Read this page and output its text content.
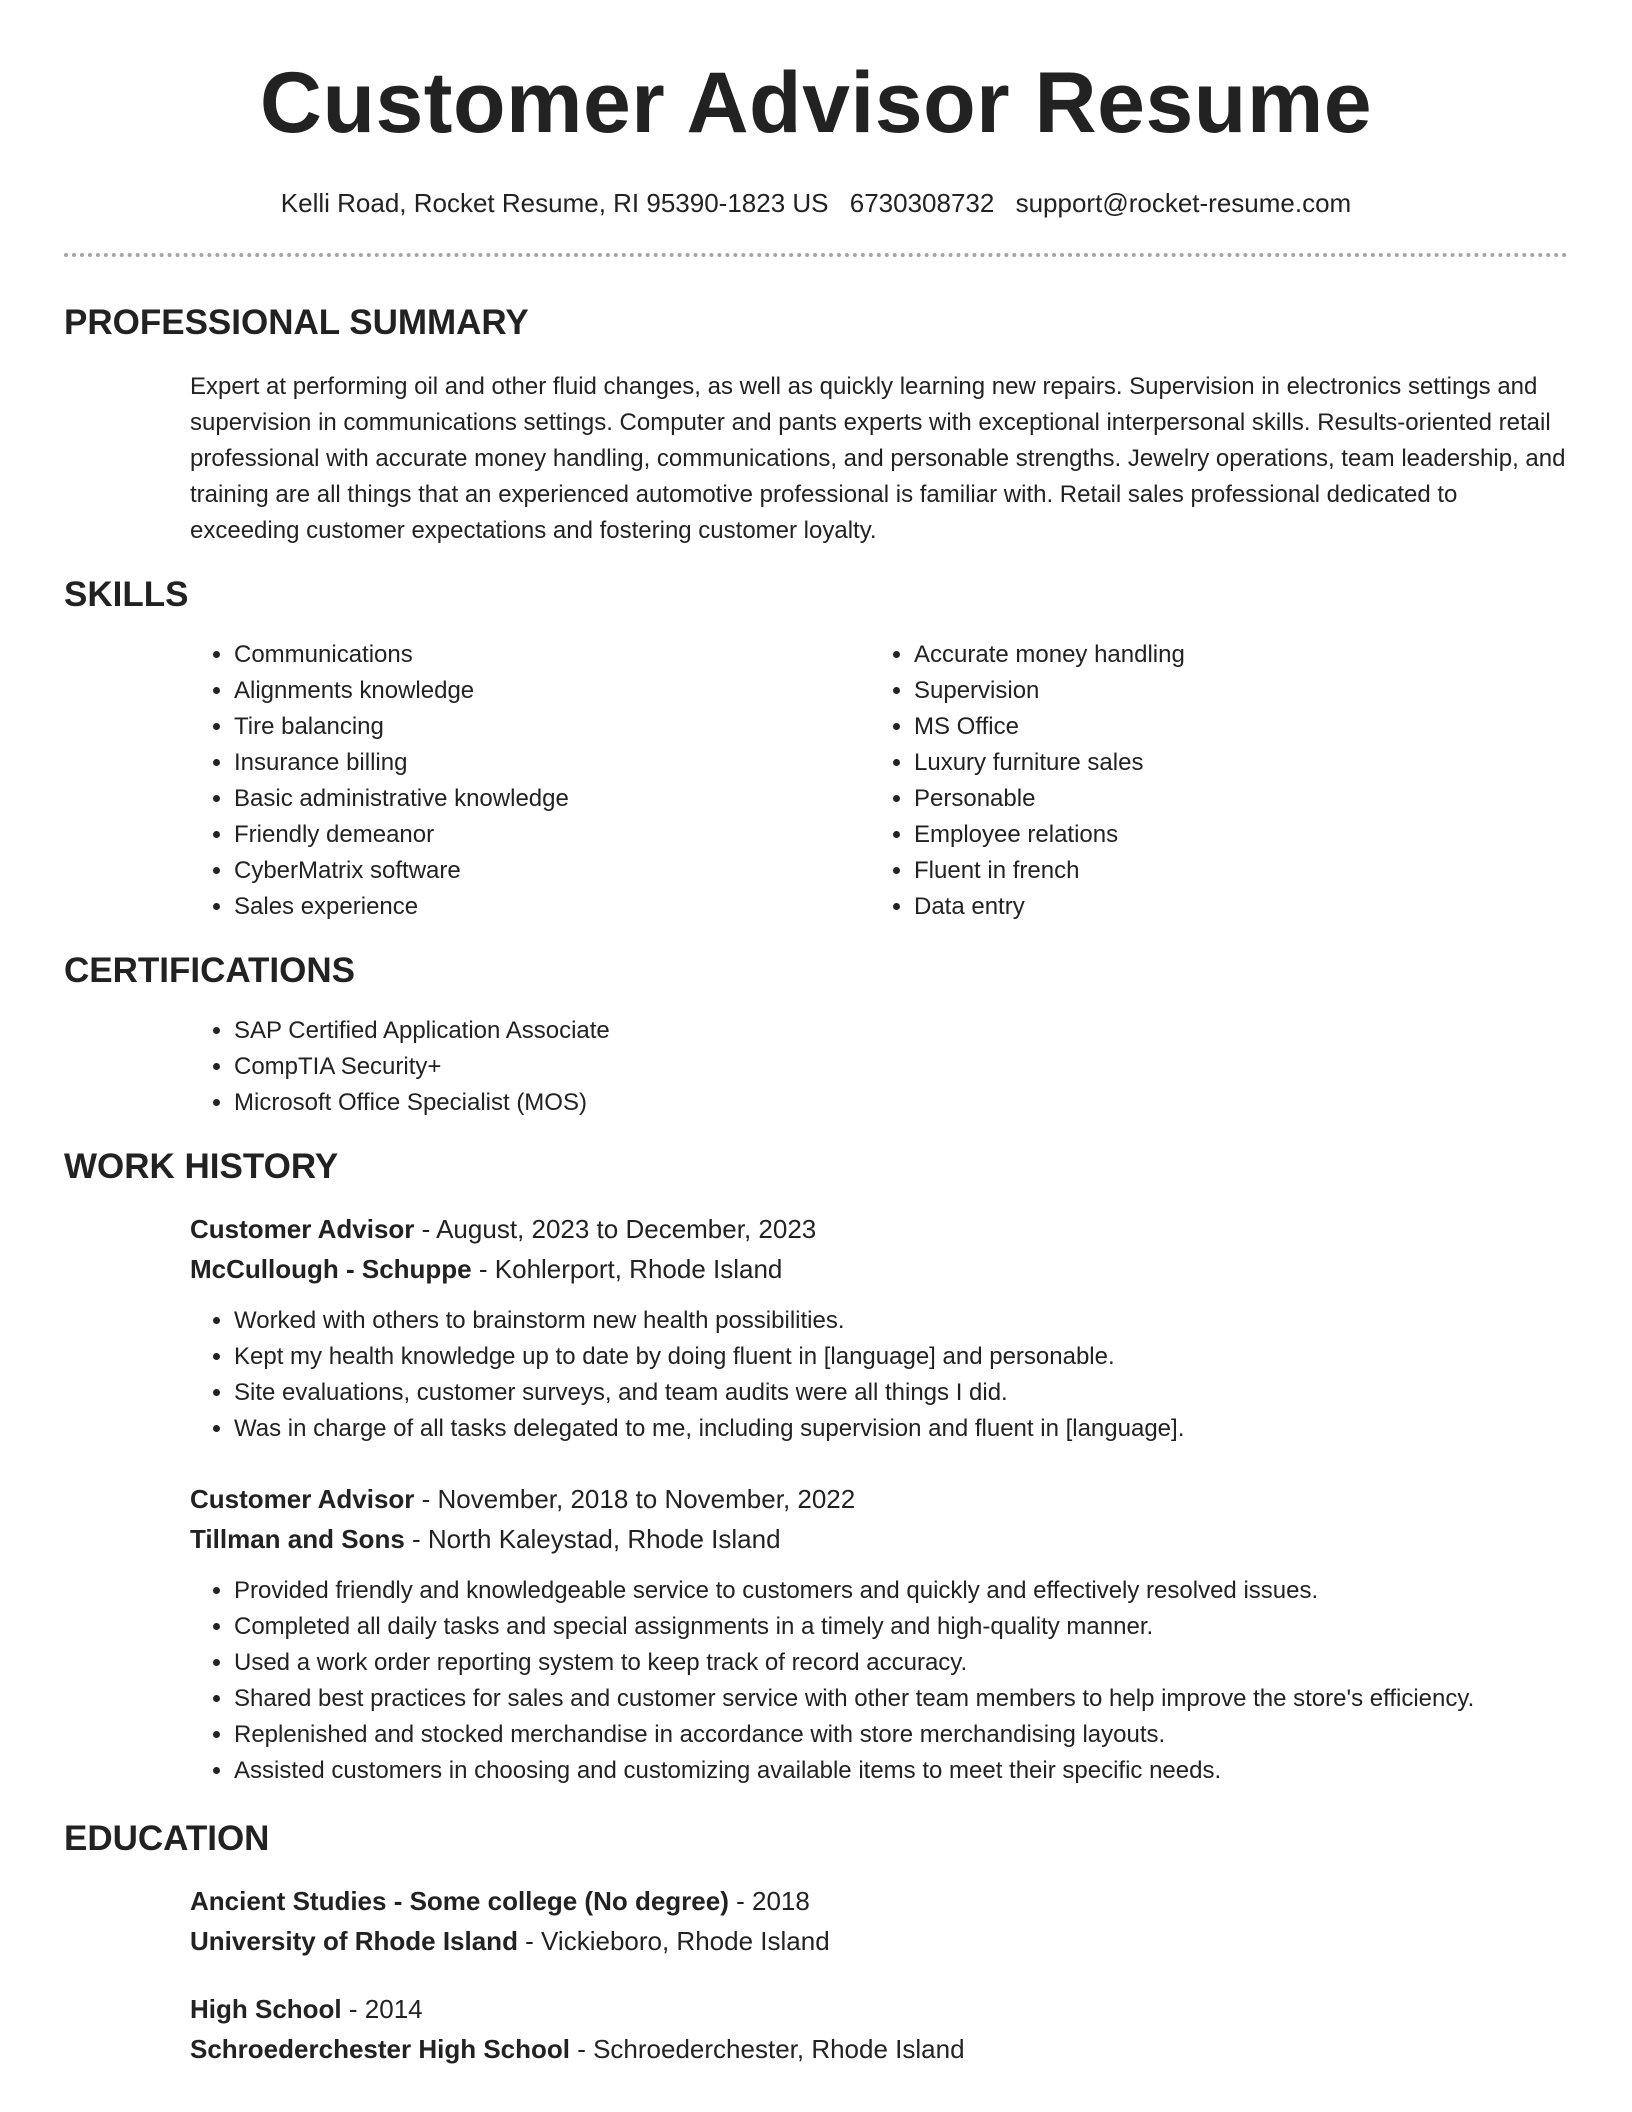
Customer Advisor Resume
Kelli Road, Rocket Resume, RI 95390-1823 US 6730308732 support@rocket-resume.com
PROFESSIONAL SUMMARY

Expert at performing oil and other fluid changes, as well as quickly learning new repairs. Supervision in electronics settings and supervision in communications settings. Computer and pants experts with exceptional interpersonal skills. Results-oriented retail professional with accurate money handling, communications, and personable strengths. Jewelry operations, team leadership, and training are all things that an experienced automotive professional is familiar with. Retail sales professional dedicated to exceeding customer expectations and fostering customer loyalty.

SKILLS
• Communications
• Alignments knowledge
• Tire balancing
• Insurance billing
• Basic administrative knowledge
• Friendly demeanor
• CyberMatrix software
• Sales experience
• Accurate money handling
• Supervision
• MS Office
• Luxury furniture sales
• Personable
• Employee relations
• Fluent in french
• Data entry
CERTIFICATIONS
• SAP Certified Application Associate
• CompTIA Security+
• Microsoft Office Specialist (MOS)
WORK HISTORY
Customer Advisor - August, 2023 to December, 2023
McCullough - Schuppe - Kohlerport, Rhode Island
• Worked with others to brainstorm new health possibilities.
• Kept my health knowledge up to date by doing fluent in [language] and personable.
• Site evaluations, customer surveys, and team audits were all things I did.
• Was in charge of all tasks delegated to me, including supervision and fluent in [language].
Customer Advisor - November, 2018 to November, 2022
Tillman and Sons - North Kaleystad, Rhode Island
• Provided friendly and knowledgeable service to customers and quickly and effectively resolved issues.
• Completed all daily tasks and special assignments in a timely and high-quality manner.
• Used a work order reporting system to keep track of record accuracy.
• Shared best practices for sales and customer service with other team members to help improve the store's efficiency.
• Replenished and stocked merchandise in accordance with store merchandising layouts.
• Assisted customers in choosing and customizing available items to meet their specific needs.
EDUCATION
Ancient Studies - Some college (No degree) - 2018
University of Rhode Island - Vickieboro, Rhode Island
High School - 2014
Schroederchester High School - Schroederchester, Rhode Island
